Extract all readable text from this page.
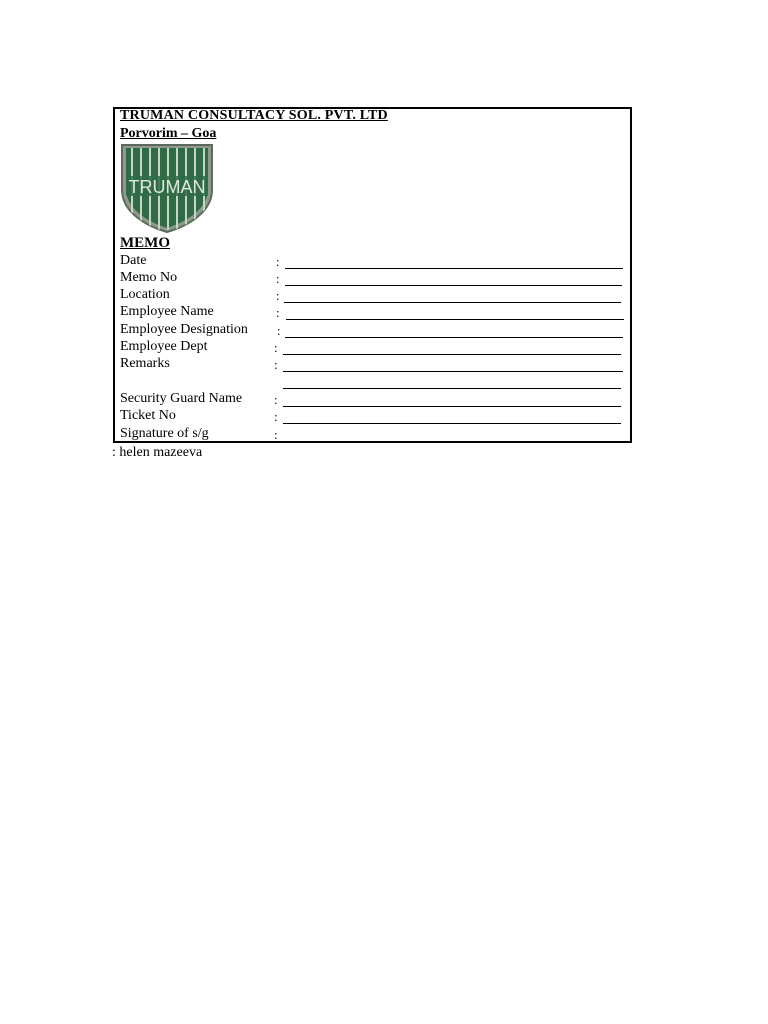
TRUMAN CONSULTACY SOL. PVT. LTD
Porvorim – Goa
TRUMAN
MEMO
Date	:
Memo No	:
Location	:
Employee Name	:
Employee Designation :
Employee Dept	:
Remarks	:
Security Guard Name :
Ticket No	:
Signature of s/g	:
: helen mazeeva
